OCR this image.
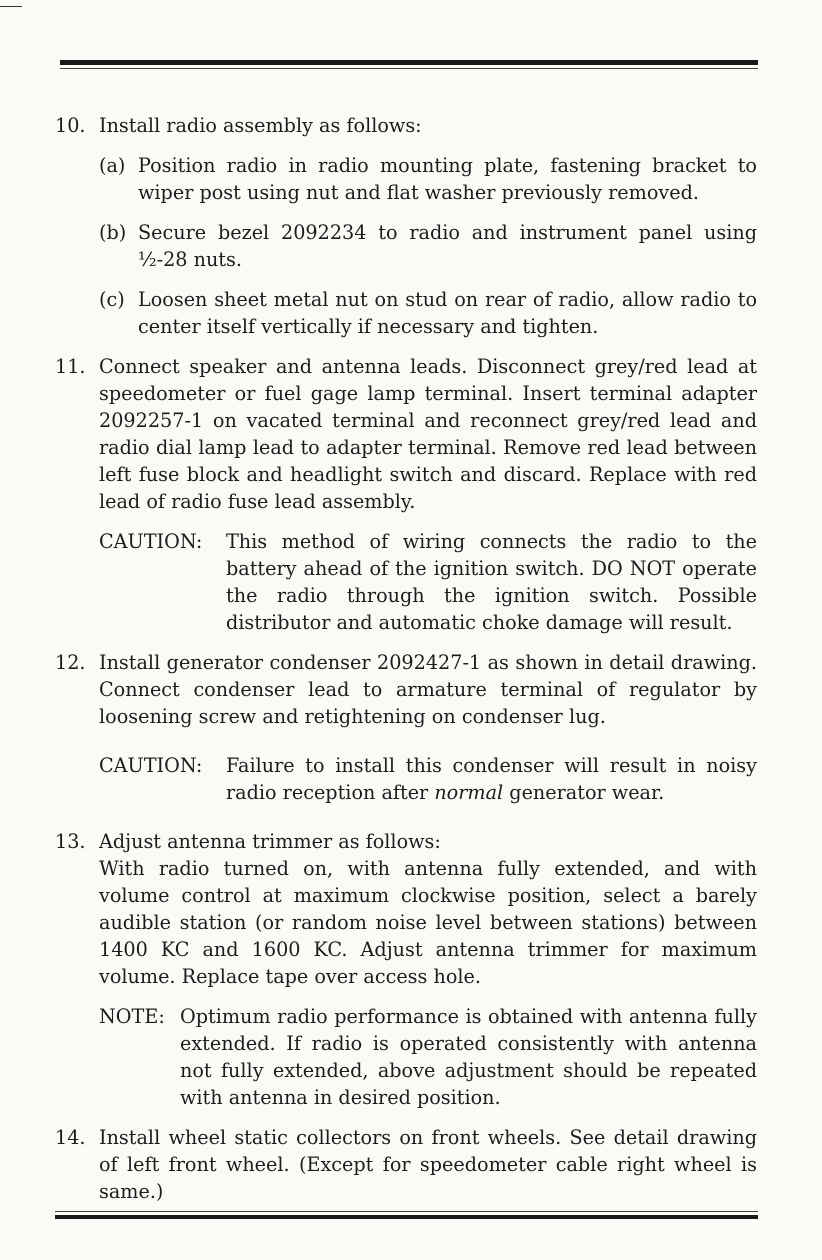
10. Install radio assembly as follows:
(a) Position radio in radio mounting plate, fastening bracket to wiper post using nut and flat washer previously removed.
(b) Secure bezel 2092234 to radio and instrument panel using ½-28 nuts.
(c) Loosen sheet metal nut on stud on rear of radio, allow radio to center itself vertically if necessary and tighten.
11. Connect speaker and antenna leads. Disconnect grey/red lead at speedometer or fuel gage lamp terminal. Insert terminal adapter 2092257-1 on vacated terminal and reconnect grey/red lead and radio dial lamp lead to adapter terminal. Remove red lead between left fuse block and headlight switch and discard. Replace with red lead of radio fuse lead assembly.
CAUTION:	This method of wiring connects the radio to the battery ahead of the ignition switch. DO NOT operate the radio through the ignition switch. Possible distributor and automatic choke damage will result.
12. Install generator condenser 2092427-1 as shown in detail drawing. Connect condenser lead to armature terminal of regulator by loosening screw and retightening on condenser lug.
CAUTION:	Failure to install this condenser will result in noisy radio reception after normal generator wear.
13. Adjust antenna trimmer as follows:
With radio turned on, with antenna fully extended, and with volume control at maximum clockwise position, select a barely audible station (or random noise level between stations) between 1400 KC and 1600 KC. Adjust antenna trimmer for maximum volume. Replace tape over access hole.
NOTE: Optimum radio performance is obtained with antenna fully extended. If radio is operated consistently with antenna not fully extended, above adjustment should be repeated with antenna in desired position.
14. Install wheel static collectors on front wheels. See detail drawing of left front wheel. (Except for speedometer cable right wheel is same.)
